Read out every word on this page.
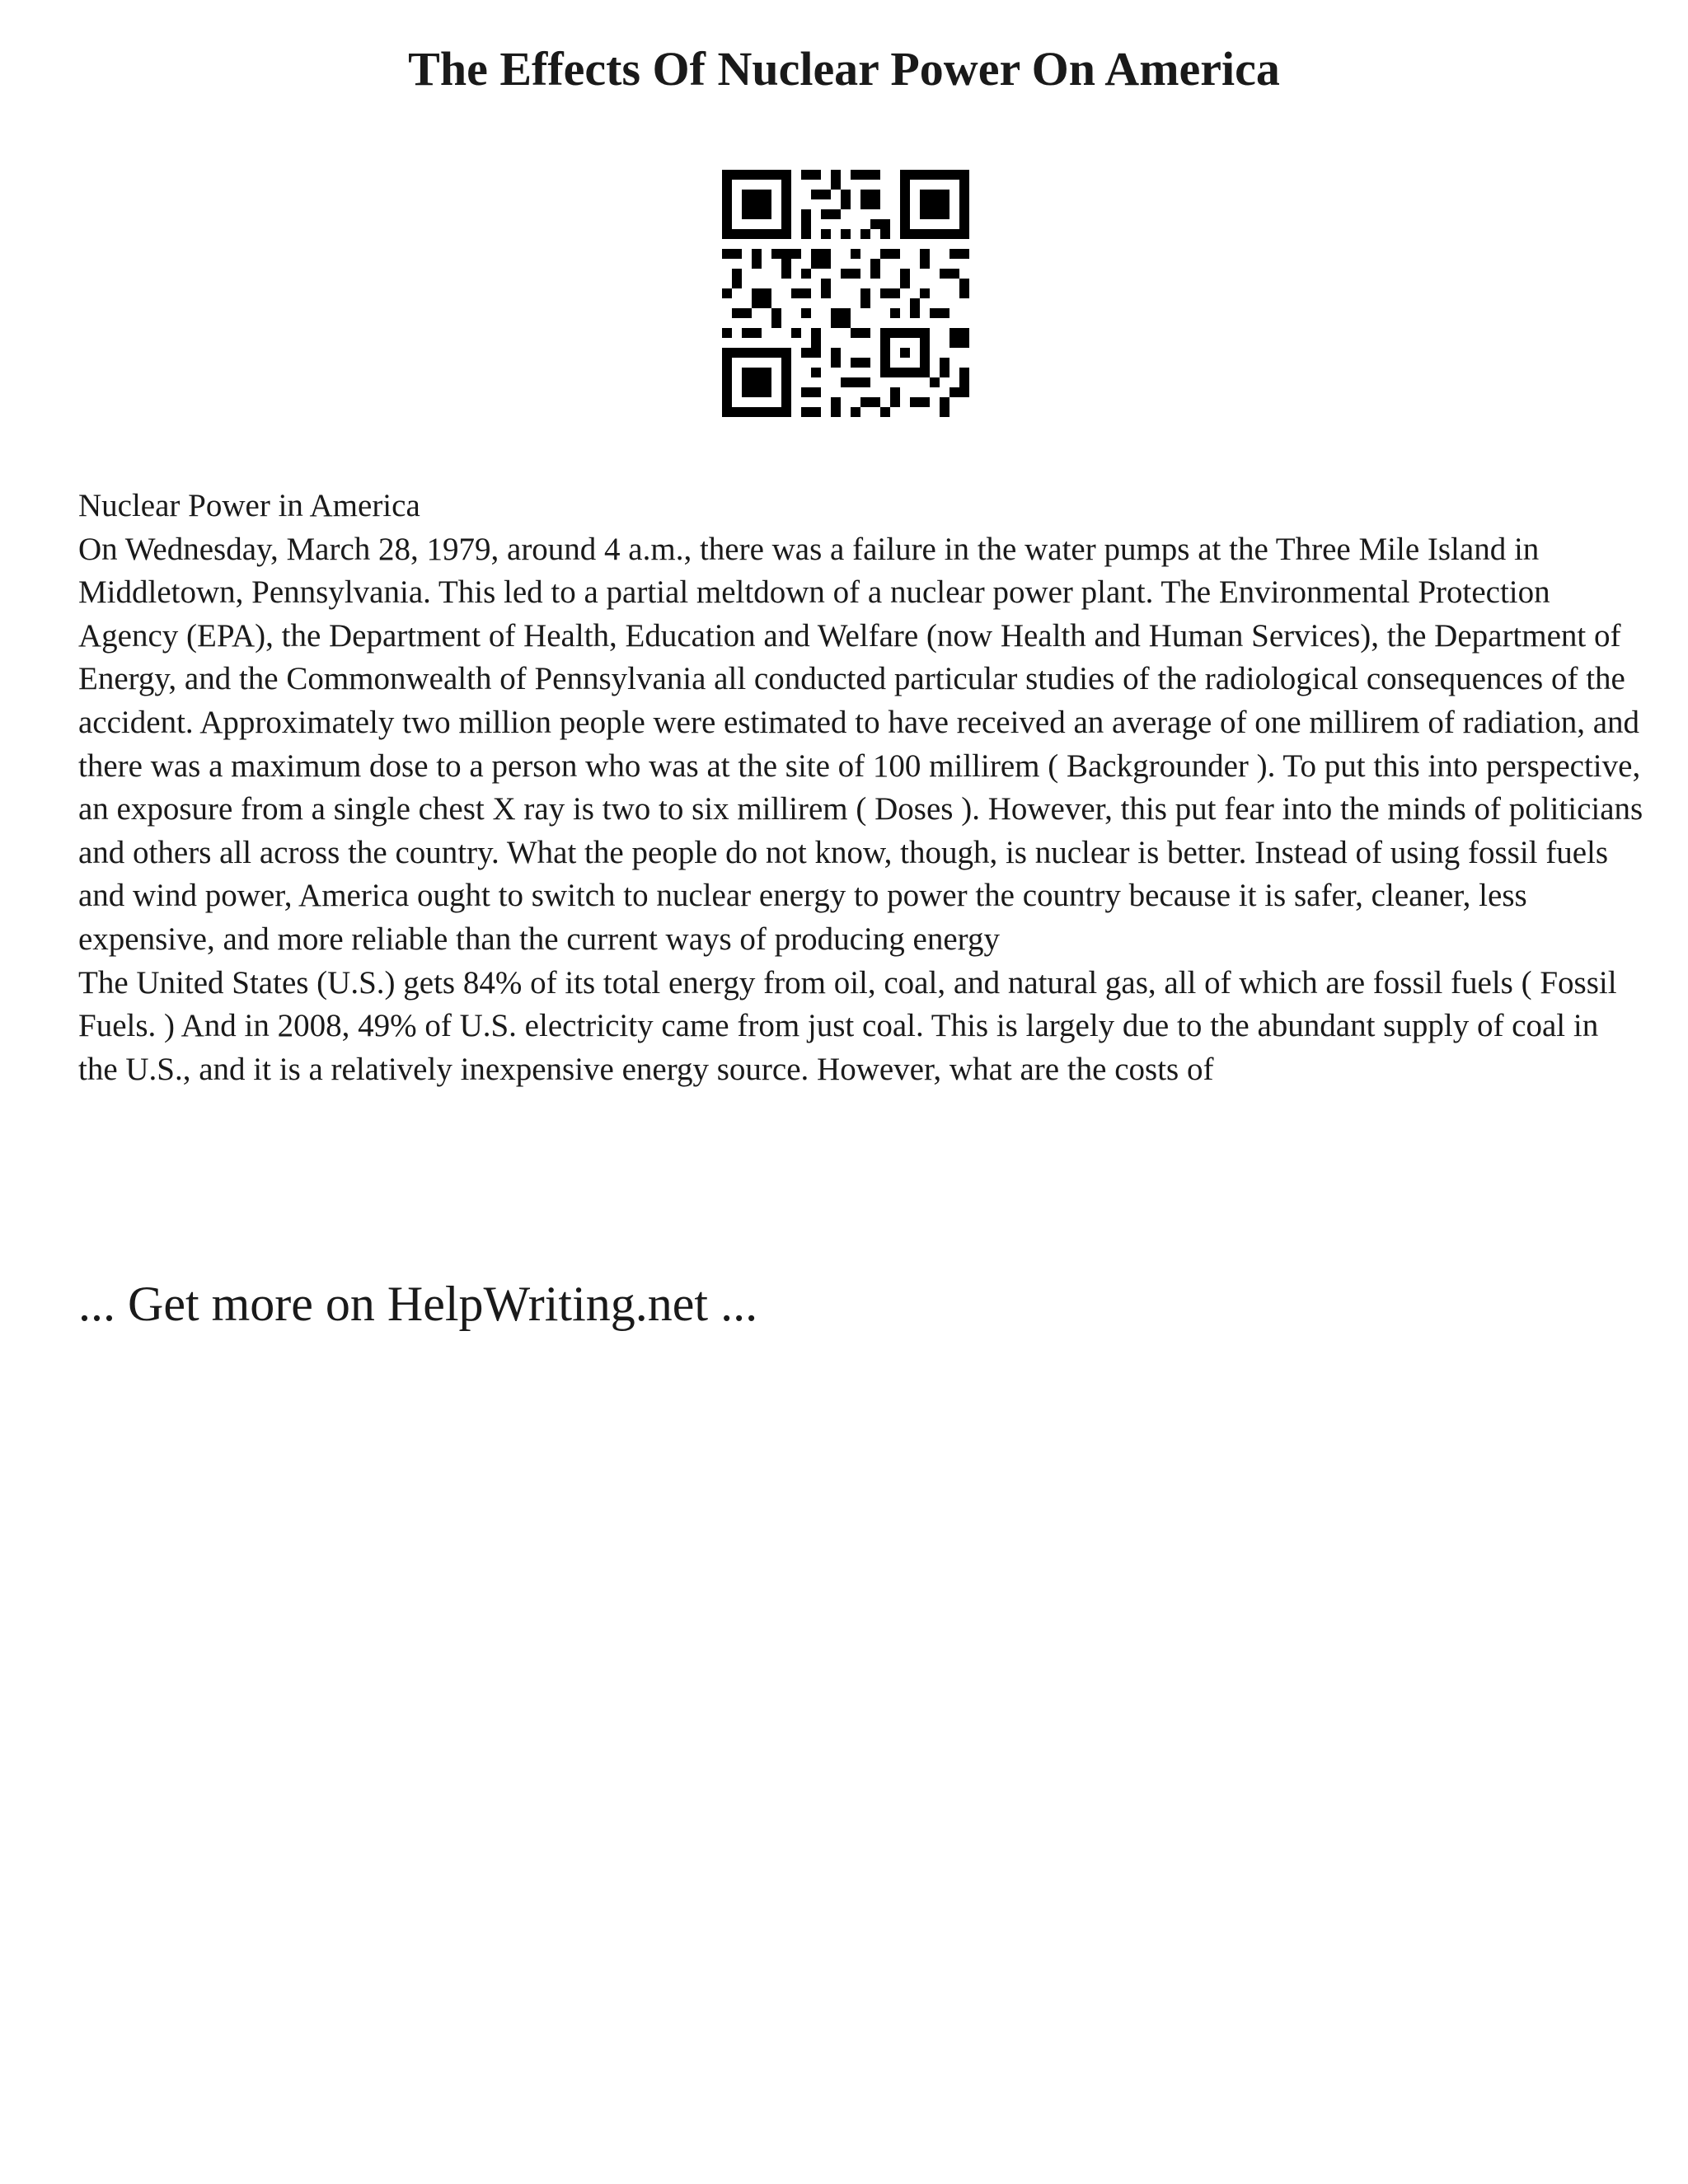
The Effects Of Nuclear Power On America

Nuclear Power in America

On Wednesday, March 28, 1979, around 4 a.m., there was a failure in the water pumps at the Three Mile Island in Middletown, Pennsylvania. This led to a partial meltdown of a nuclear power plant. The Environmental Protection Agency (EPA), the Department of Health, Education and Welfare (now Health and Human Services), the Department of Energy, and the Commonwealth of Pennsylvania all conducted particular studies of the radiological consequences of the accident. Approximately two million people were estimated to have received an average of one millirem of radiation, and there was a maximum dose to a person who was at the site of 100 millirem ( Backgrounder ). To put this into perspective, an exposure from a single chest X ray is two to six millirem ( Doses ). However, this put fear into the minds of politicians and others all across the country. What the people do not know, though, is nuclear is better. Instead of using fossil fuels and wind power, America ought to switch to nuclear energy to power the country because it is safer, cleaner, less expensive, and more reliable than the current ways of producing energy

The United States (U.S.) gets 84% of its total energy from oil, coal, and natural gas, all of which are fossil fuels ( Fossil Fuels. ) And in 2008, 49% of U.S. electricity came from just coal. This is largely due to the abundant supply of coal in the U.S., and it is a relatively inexpensive energy source. However, what are the costs of

... Get more on HelpWriting.net ...
